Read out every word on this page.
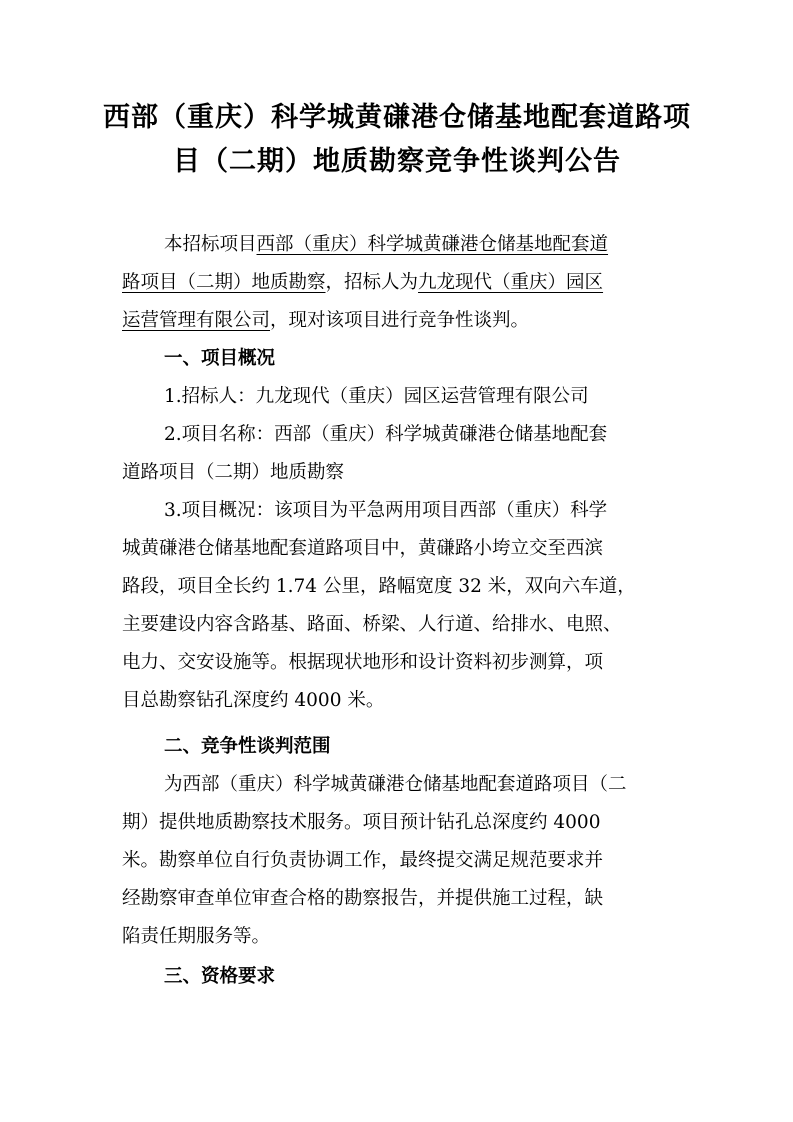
西部（重庆）科学城黄磏港仓储基地配套道路项
目（二期）地质勘察竞争性谈判公告
本招标项目西部（重庆）科学城黄磏港仓储基地配套道
路项目（二期）地质勘察，招标人为九龙现代（重庆）园区
运营管理有限公司，现对该项目进行竞争性谈判。
一、项目概况
1.招标人：九龙现代（重庆）园区运营管理有限公司
2.项目名称：西部（重庆）科学城黄磏港仓储基地配套
道路项目（二期）地质勘察
3.项目概况：该项目为平急两用项目西部（重庆）科学
城黄磏港仓储基地配套道路项目中，黄磏路小垮立交至西滨
路段，项目全长约 1.74 公里，路幅宽度 32 米，双向六车道，
主要建设内容含路基、路面、桥梁、人行道、给排水、电照、
电力、交安设施等。根据现状地形和设计资料初步测算，项
目总勘察钻孔深度约 4000 米。
二、竞争性谈判范围
为西部（重庆）科学城黄磏港仓储基地配套道路项目（二
期）提供地质勘察技术服务。项目预计钻孔总深度约 4000
米。勘察单位自行负责协调工作，最终提交满足规范要求并
经勘察审查单位审查合格的勘察报告，并提供施工过程，缺
陷责任期服务等。
三、资格要求
